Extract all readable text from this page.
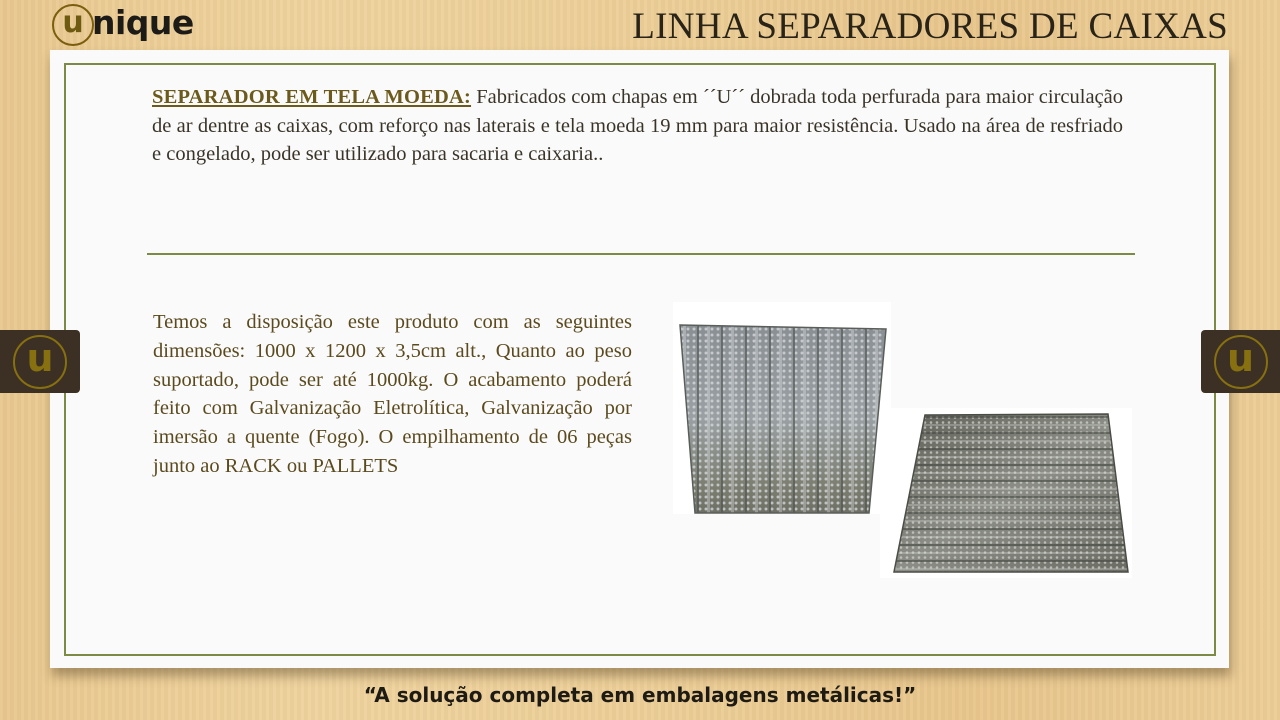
u nique	LINHA SEPARADORES DE CAIXAS

SEPARADOR EM TELA MOEDA: Fabricados com chapas em ´´U´´ dobrada toda perfurada para maior circulação de ar dentre as caixas, com reforço nas laterais e tela moeda 19 mm para maior resistência. Usado na área de resfriado e congelado, pode ser utilizado para sacaria e caixaria..

Temos a disposição este produto com as seguintes dimensões: 1000 x 1200 x 3,5cm alt., Quanto ao peso suportado, pode ser até 1000kg. O acabamento poderá feito com Galvanização Eletrolítica, Galvanização por imersão a quente (Fogo). O empilhamento de 06 peças junto ao RACK ou PALLETS

u	u
“A solução completa em embalagens metálicas!”
